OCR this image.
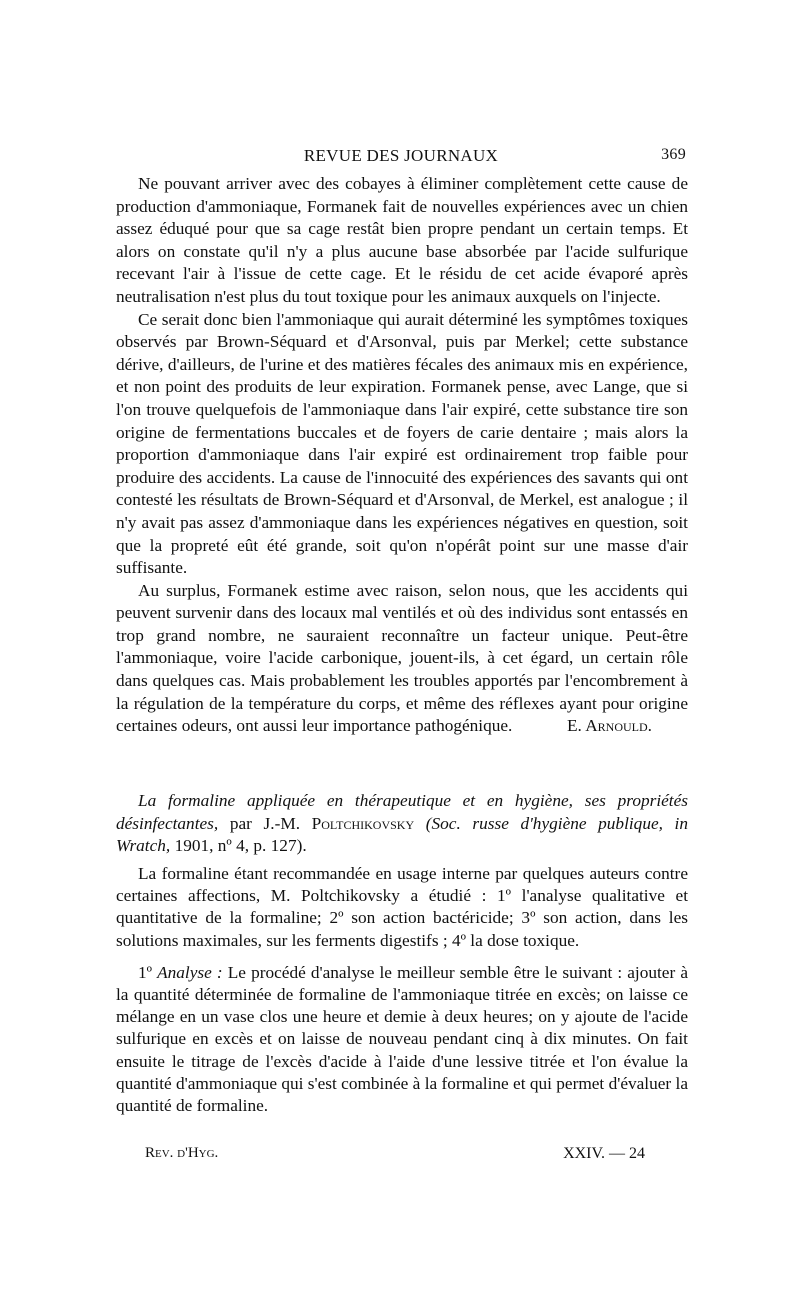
REVUE DES JOURNAUX	369

Ne pouvant arriver avec des cobayes à éliminer complètement cette cause de production d'ammoniaque, Formanek fait de nouvelles expériences avec un chien assez éduqué pour que sa cage restât bien propre pendant un certain temps. Et alors on constate qu'il n'y a plus aucune base absorbée par l'acide sulfurique recevant l'air à l'issue de cette cage. Et le résidu de cet acide évaporé après neutralisation n'est plus du tout toxique pour les animaux auxquels on l'injecte.

Ce serait donc bien l'ammoniaque qui aurait déterminé les symptômes toxiques observés par Brown-Séquard et d'Arsonval, puis par Merkel; cette substance dérive, d'ailleurs, de l'urine et des matières fécales des animaux mis en expérience, et non point des produits de leur expiration. Formanek pense, avec Lange, que si l'on trouve quelquefois de l'ammoniaque dans l'air expiré, cette substance tire son origine de fermentations buccales et de foyers de carie dentaire ; mais alors la proportion d'ammoniaque dans l'air expiré est ordinairement trop faible pour produire des accidents. La cause de l'innocuité des expériences des savants qui ont contesté les résultats de Brown-Séquard et d'Arsonval, de Merkel, est analogue ; il n'y avait pas assez d'ammoniaque dans les expériences négatives en question, soit que la propreté eût été grande, soit qu'on n'opérât point sur une masse d'air suffisante.

Au surplus, Formanek estime avec raison, selon nous, que les accidents qui peuvent survenir dans des locaux mal ventilés et où des individus sont entassés en trop grand nombre, ne sauraient reconnaître un facteur unique. Peut-être l'ammoniaque, voire l'acide carbonique, jouent-ils, à cet égard, un certain rôle dans quelques cas. Mais probablement les troubles apportés par l'encombrement à la régulation de la température du corps, et même des réflexes ayant pour origine certaines odeurs, ont aussi leur importance pathogénique.	E. Arnould.

La formaline appliquée en thérapeutique et en hygiène, ses propriétés désinfectantes, par J.-M. Poltchikovsky (Soc. russe d'hygiène publique, in Wratch, 1901, nº 4, p. 127).

La formaline étant recommandée en usage interne par quelques auteurs contre certaines affections, M. Poltchikovsky a étudié : 1º l'analyse qualitative et quantitative de la formaline; 2º son action bactéricide; 3º son action, dans les solutions maximales, sur les ferments digestifs ; 4º la dose toxique.

1º Analyse : Le procédé d'analyse le meilleur semble être le suivant : ajouter à la quantité déterminée de formaline de l'ammoniaque titrée en excès; on laisse ce mélange en un vase clos une heure et demie à deux heures; on y ajoute de l'acide sulfurique en excès et on laisse de nouveau pendant cinq à dix minutes. On fait ensuite le titrage de l'excès d'acide à l'aide d'une lessive titrée et l'on évalue la quantité d'ammoniaque qui s'est combinée à la formaline et qui permet d'évaluer la quantité de formaline.

Rev. d'Hyg.	XXIV. — 24
